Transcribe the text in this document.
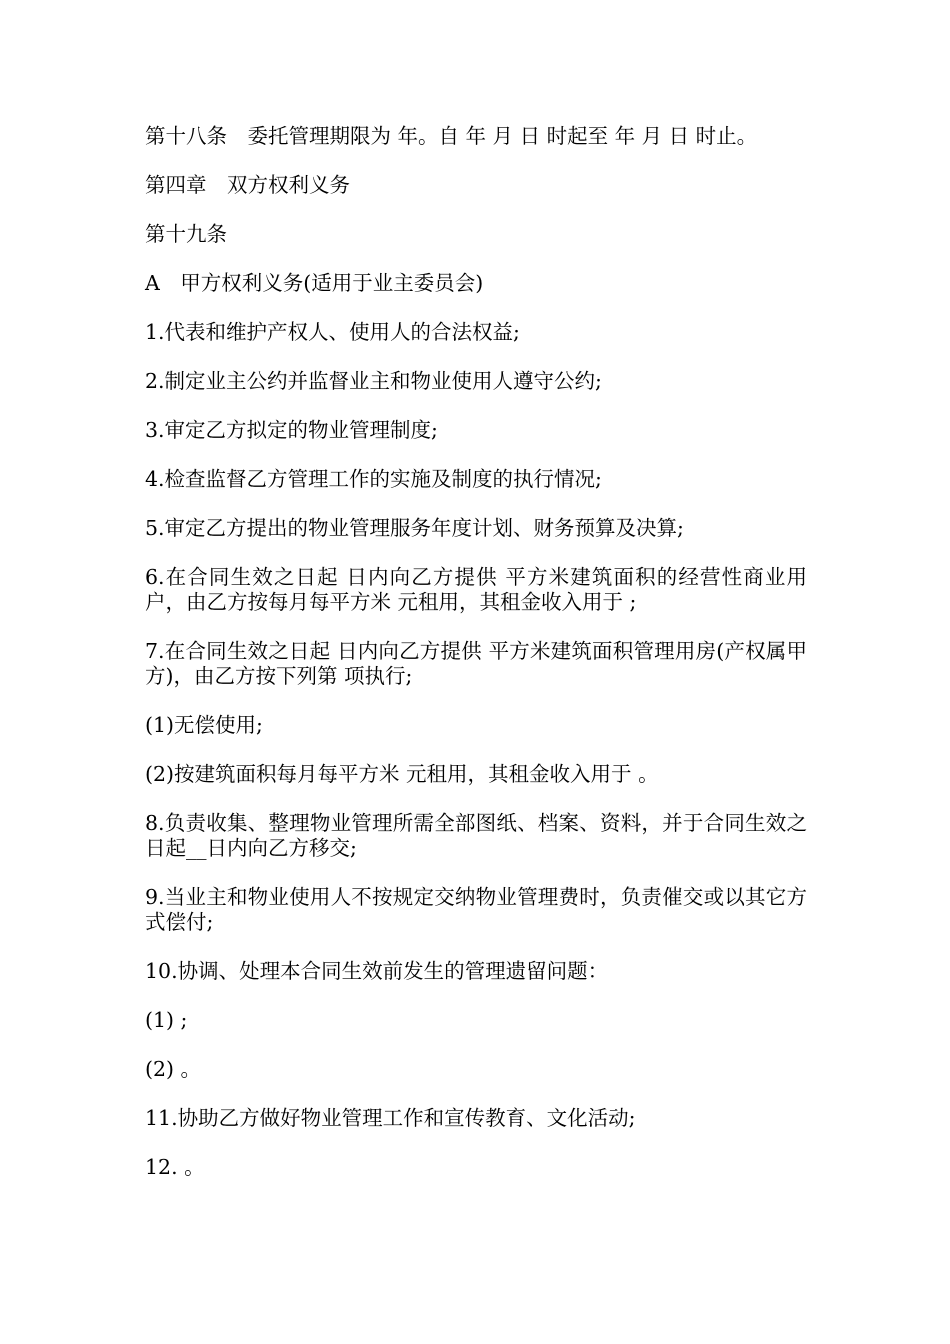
第十八条　委托管理期限为 年。自 年 月 日 时起至 年 月 日 时止。

第四章　双方权利义务

第十九条

A　甲方权利义务(适用于业主委员会)

1.代表和维护产权人、使用人的合法权益;

2.制定业主公约并监督业主和物业使用人遵守公约;

3.审定乙方拟定的物业管理制度;

4.检查监督乙方管理工作的实施及制度的执行情况;

5.审定乙方提出的物业管理服务年度计划、财务预算及决算;

6.在合同生效之日起 日内向乙方提供 平方米建筑面积的经营性商业用户，由乙方按每月每平方米 元租用，其租金收入用于 ;

7.在合同生效之日起 日内向乙方提供 平方米建筑面积管理用房(产权属甲方)，由乙方按下列第 项执行;

(1)无偿使用;

(2)按建筑面积每月每平方米 元租用，其租金收入用于 。

8.负责收集、整理物业管理所需全部图纸、档案、资料，并于合同生效之日起__日内向乙方移交;

9.当业主和物业使用人不按规定交纳物业管理费时，负责催交或以其它方式偿付;

10.协调、处理本合同生效前发生的管理遗留问题：

(1) ;

(2) 。

11.协助乙方做好物业管理工作和宣传教育、文化活动;

12. 。
